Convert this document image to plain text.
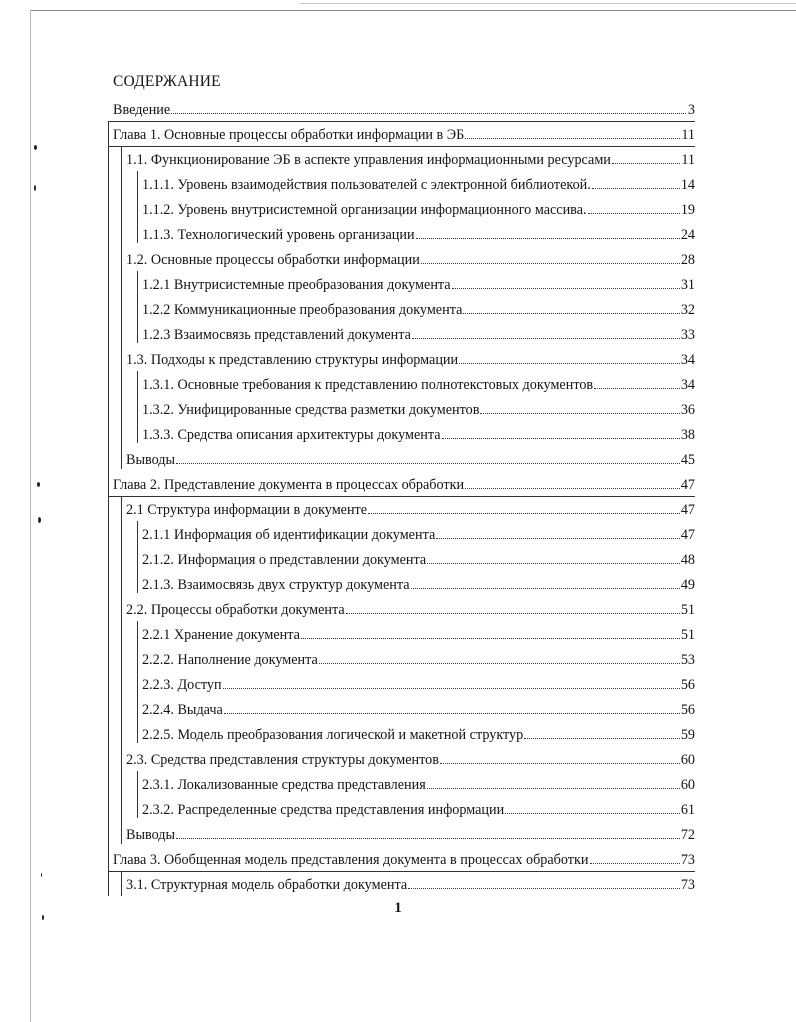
СОДЕРЖАНИЕ
Введение	3
Глава 1. Основные процессы обработки информации в ЭБ	11
1.1. Функционирование ЭБ в аспекте управления информационными ресурсами	11
1.1.1. Уровень взаимодействия пользователей с электронной библиотекой.	14
1.1.2. Уровень внутрисистемной организации информационного массива.	19
1.1.3. Технологический уровень организации	24
1.2. Основные процессы обработки информации	28
1.2.1 Внутрисистемные преобразования документа	31
1.2.2 Коммуникационные преобразования документа	32
1.2.3 Взаимосвязь представлений документа	33
1.3. Подходы к представлению структуры информации	34
1.3.1. Основные требования к представлению полнотекстовых документов	34
1.3.2. Унифицированные средства разметки документов	36
1.3.3. Средства описания архитектуры документа	38
Выводы	45
Глава 2. Представление документа в процессах обработки	47
2.1 Структура информации в документе	47
2.1.1 Информация об идентификации документа	47
2.1.2. Информация о представлении документа	48
2.1.3. Взаимосвязь двух структур документа	49
2.2. Процессы обработки документа	51
2.2.1 Хранение документа	51
2.2.2. Наполнение документа	53
2.2.3. Доступ	56
2.2.4. Выдача	56
2.2.5. Модель преобразования логической и макетной структур	59
2.3. Средства представления структуры документов	60
2.3.1. Локализованные средства представления	60
2.3.2. Распределенные средства представления информации	61
Выводы	72
Глава 3. Обобщенная модель представления документа в процессах обработки	73
3.1. Структурная модель обработки документа	73
1
